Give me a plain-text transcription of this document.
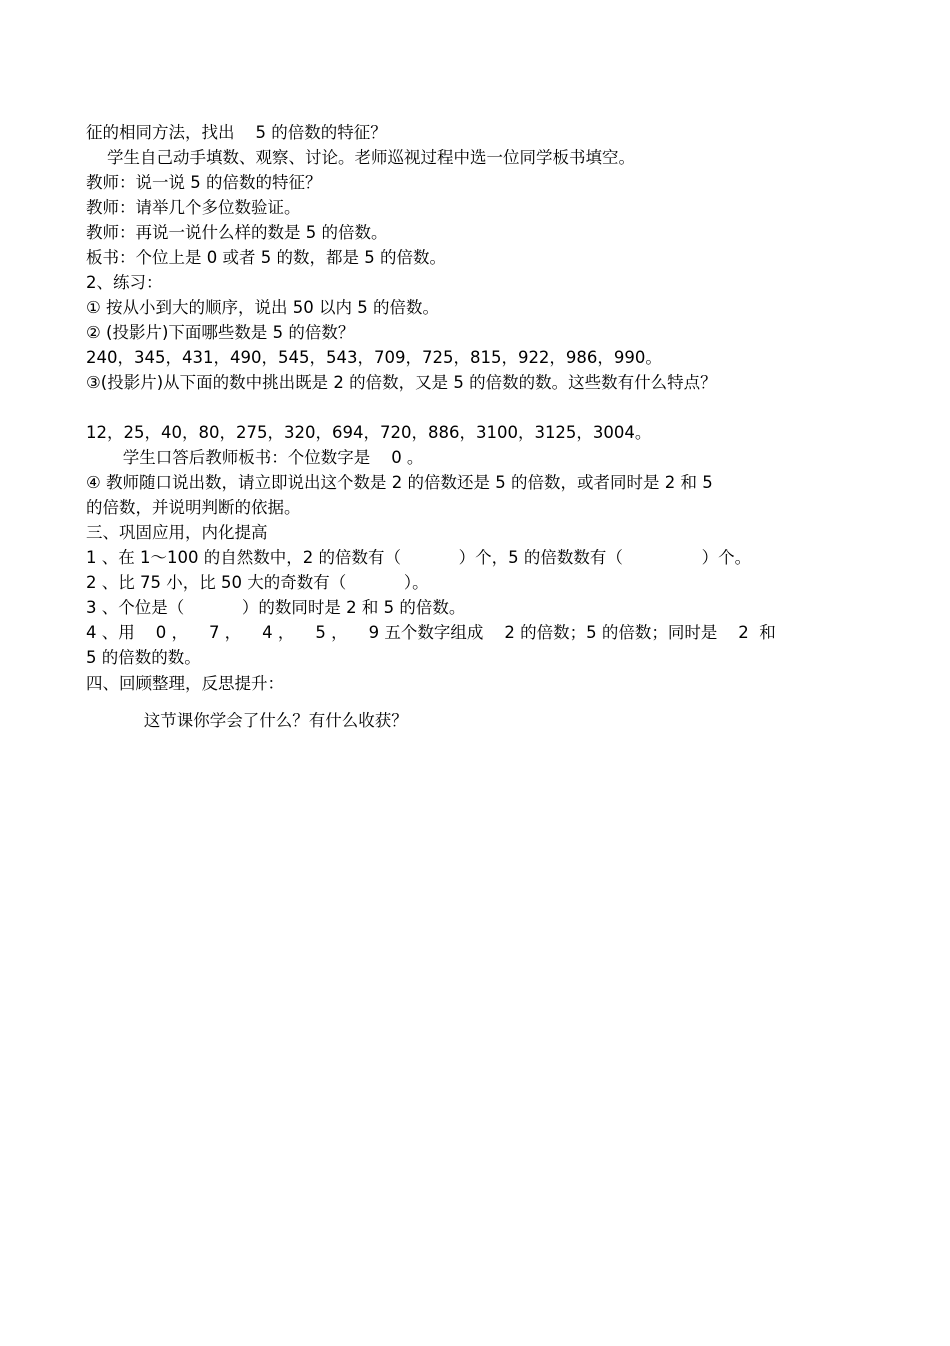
征的相同方法，找出    5 的倍数的特征？
学生自己动手填数、观察、讨论。老师巡视过程中选一位同学板书填空。
教师：说一说 5 的倍数的特征？
教师：请举几个多位数验证。
教师：再说一说什么样的数是 5 的倍数。
板书：个位上是 0 或者 5 的数，都是 5 的倍数。
2、练习：
① 按从小到大的顺序，说出 50 以内 5 的倍数。
② (投影片)下面哪些数是 5 的倍数？
240，345，431，490，545，543，709，725，815，922，986，990。
③(投影片)从下面的数中挑出既是 2 的倍数，又是 5 的倍数的数。这些数有什么特点？
12，25，40，80，275，320，694，720，886，3100，3125，3004。
学生口答后教师板书：个位数字是    0 。
④ 教师随口说出数，请立即说出这个数是 2 的倍数还是 5 的倍数，或者同时是 2 和 5
的倍数，并说明判断的依据。
三、巩固应用，内化提高
1 、在 1～100 的自然数中，2 的倍数有（           ）个，5 的倍数数有（               ）个。
2 、比 75 小，比 50 大的奇数有（           ）。
3 、个位是（           ）的数同时是 2 和 5 的倍数。
4 、用    0 ，    7 ，    4 ，    5 ，    9 五个数字组成    2 的倍数；5 的倍数；同时是    2  和
5 的倍数的数。
四、回顾整理，反思提升：
这节课你学会了什么？有什么收获？
